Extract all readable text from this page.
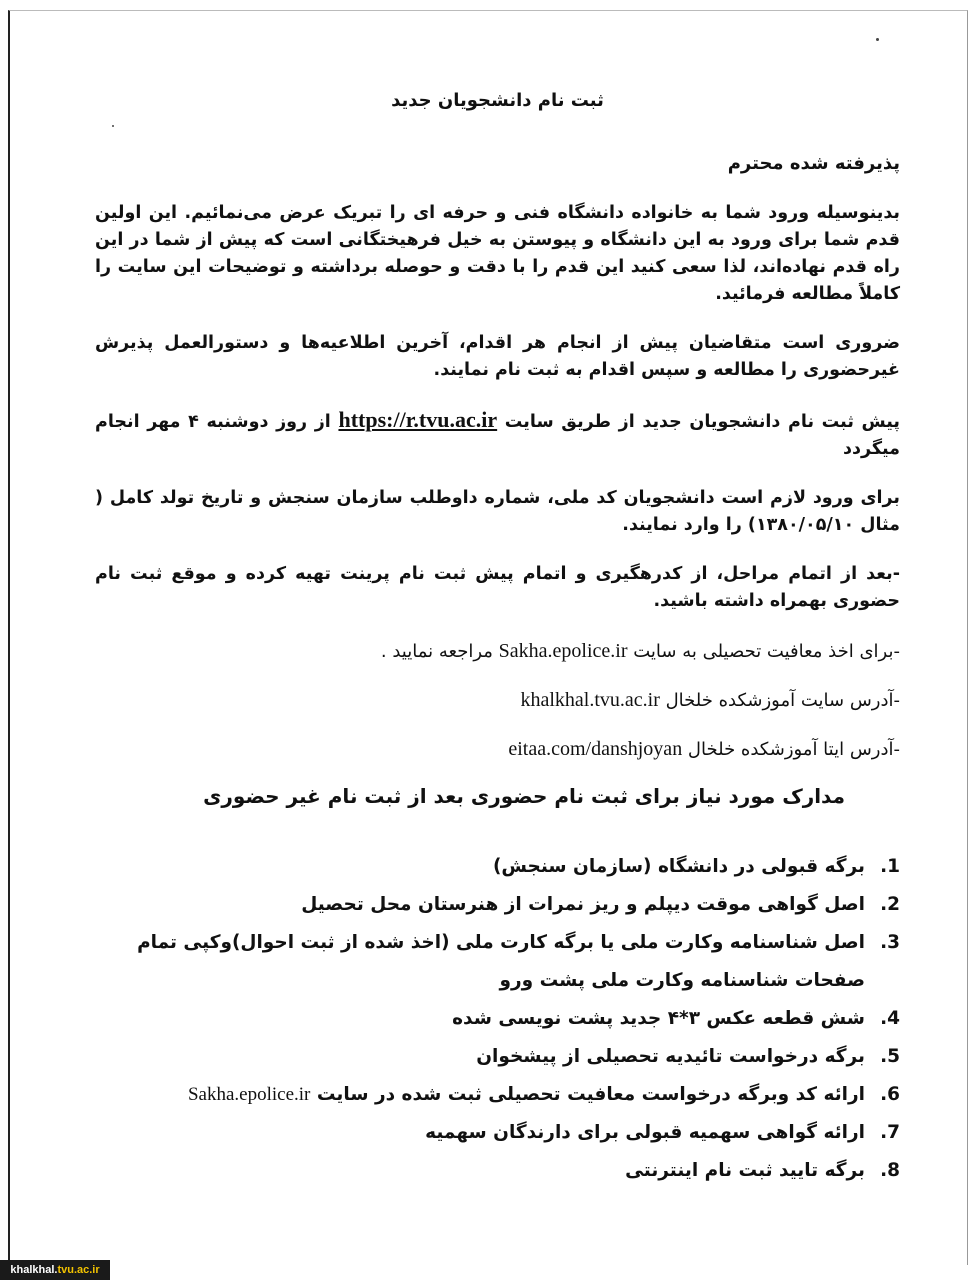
ثبت نام دانشجویان جدید
پذیرفته شده محترم

بدینوسیله ورود شما به خانواده دانشگاه فنی و حرفه ای را تبریک عرض می‌نمائیم. این اولین قدم شما برای ورود به این دانشگاه و پیوستن به خیل فرهیختگانی است که پیش از شما در این راه قدم نهاده‌اند، لذا سعی کنید این قدم را با دقت و حوصله برداشته و توضیحات این سایت را کاملاً مطالعه فرمائید.

ضروری است متقاضیان پیش از انجام هر اقدام، آخرین اطلاعیه‌ها و دستورالعمل پذیرش غیرحضوری را مطالعه و سپس اقدام به ثبت نام نمایند.

پیش ثبت نام دانشجویان جدید از طریق سایت https://r.tvu.ac.ir از روز دوشنبه ۴ مهر انجام میگردد

برای ورود لازم است دانشجویان کد ملی، شماره داوطلب سازمان سنجش و تاریخ تولد کامل ( مثال ۱۳۸۰/۰۵/۱۰) را وارد نمایند.

-بعد از اتمام مراحل، از کدرهگیری و اتمام پیش ثبت نام پرینت تهیه کرده و موقع ثبت نام حضوری بهمراه داشته باشید.

-برای اخذ معافیت تحصیلی به سایت Sakha.epolice.ir مراجعه نمایید .

-آدرس سایت آموزشکده خلخال khalkhal.tvu.ac.ir

-آدرس ایتا آموزشکده خلخال eitaa.com/danshjoyan

مدارک مورد نیاز برای ثبت نام حضوری بعد از ثبت نام غیر حضوری
1.
برگه قبولی در دانشگاه (سازمان سنجش)
2.
اصل گواهی موقت دیپلم و ریز نمرات از هنرستان محل تحصیل
3.
اصل شناسنامه وکارت ملی یا برگه کارت ملی (اخذ شده از ثبت احوال)وکپی تمام صفحات شناسنامه وکارت ملی پشت ورو
4.
شش قطعه عکس ۳*۴ جدید پشت نویسی شده
5.
برگه درخواست تائیدیه تحصیلی از پیشخوان
6.
ارائه کد وبرگه درخواست معافیت تحصیلی ثبت شده در سایت Sakha.epolice.ir
7.
ارائه گواهی سهمیه قبولی برای دارندگان سهمیه
8.
برگه تایید ثبت نام اینترنتی
khalkhal.tvu.ac.ir
